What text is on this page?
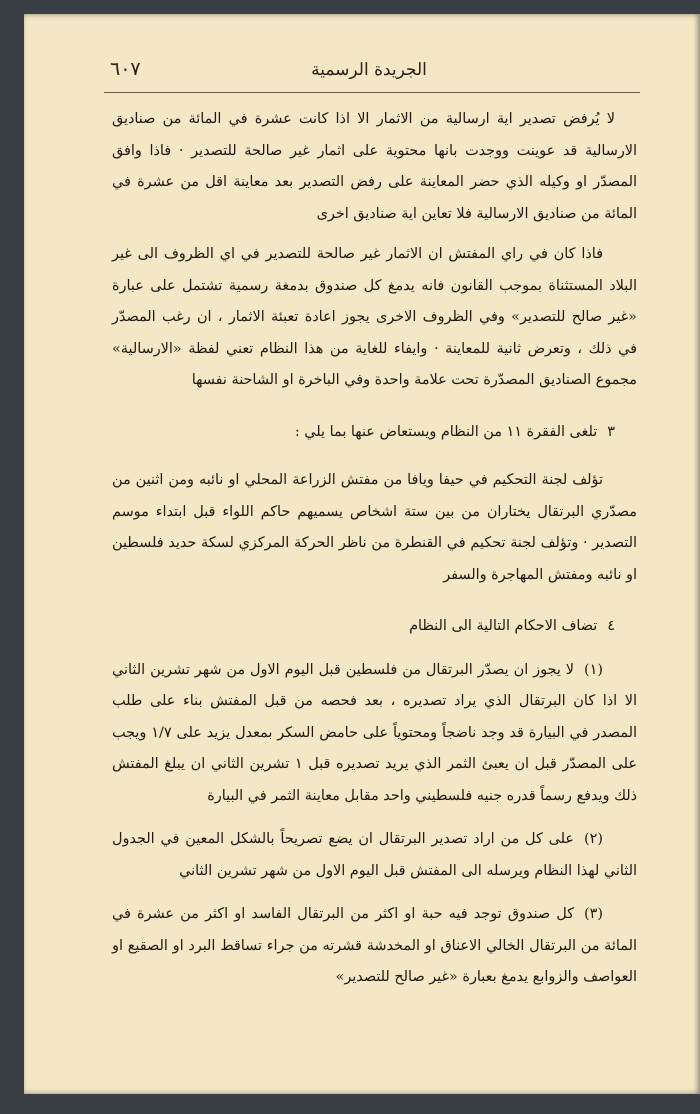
الجريدة الرسمية
٦٠٧

لا يُرفض تصدير اية ارسالية من الاثمار الا اذا كانت عشرة في المائة من صناديق الارسالية قد عوينت ووجدت بانها محتوية على اثمار غير صالحة للتصدير · فاذا وافق المصدّر او وكيله الذي حضر المعاينة على رفض التصدير بعد معاينة اقل من عشرة في المائة من صناديق الارسالية فلا تعاين اية صناديق اخرى

فاذا كان في راي المفتش ان الاثمار غير صالحة للتصدير في اي الظروف الى غير البلاد المستثناة بموجب القانون فانه يدمغ كل صندوق بدمغة رسمية تشتمل على عبارة «غير صالح للتصدير» وفي الظروف الاخرى يجوز اعادة تعبئة الاثمار ، ان رغب المصدّر في ذلك ، وتعرض ثانية للمعاينة · وايفاء للغاية من هذا النظام تعني لفظة «الارسالية» مجموع الصناديق المصدّرة تحت علامة واحدة وفي الباخرة او الشاحنة نفسها

٣تلغى الفقرة ١١ من النظام ويستعاض عنها بما يلي :

تؤلف لجنة التحكيم في حيفا ويافا من مفتش الزراعة المحلي او نائبه ومن اثنين من مصدّري البرتقال يختاران من بين ستة اشخاص يسميهم حاكم اللواء قبل ابتداء موسم التصدير · وتؤلف لجنة تحكيم في القنطرة من ناظر الحركة المركزي لسكة حديد فلسطين او نائبه ومفتش المهاجرة والسفر

٤تضاف الاحكام التالية الى النظام

(١)لا يجوز ان يصدّر البرتقال من فلسطين قبل اليوم الاول من شهر تشرين الثاني الا اذا كان البرتقال الذي يراد تصديره ، بعد فحصه من قبل المفتش بناء على طلب المصدر في البيارة قد وجد ناضجاً ومحتوياً على حامض السكر بمعدل يزيد على ١/٧ ويجب على المصدّر قبل ان يعبئ الثمر الذي يريد تصديره قبل ١ تشرين الثاني ان يبلغ المفتش ذلك ويدفع رسماً قدره جنيه فلسطيني واحد مقابل معاينة الثمر في البيارة

(٢)على كل من اراد تصدير البرتقال ان يضع تصريحاً بالشكل المعين في الجدول الثاني لهذا النظام ويرسله الى المفتش قبل اليوم الاول من شهر تشرين الثاني

(٣)كل صندوق توجد فيه حبة او اكثر من البرتقال الفاسد او اكثر من عشرة في المائة من البرتقال الخالي الاعناق او المخدشة قشرته من جراء تساقط البرد او الصقيع او العواصف والزوابع يدمغ بعبارة «غير صالح للتصدير»
